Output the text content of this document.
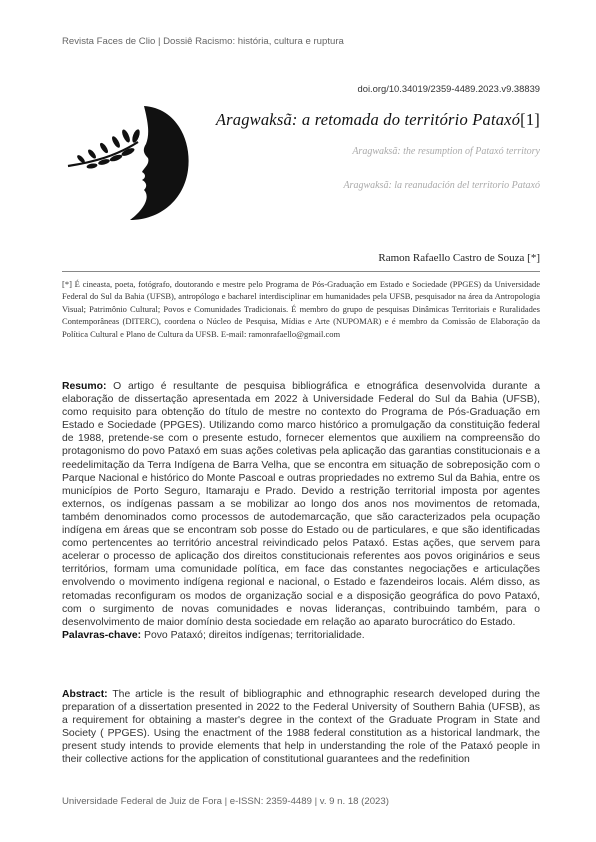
Revista Faces de Clio | Dossiê Racismo: história, cultura e ruptura
doi.org/10.34019/2359-4489.2023.v9.38839
Aragwaksã: a retomada do território Pataxó[1]
Aragwaksã: the resumption of Pataxó territory
Aragwaksã: la reanudación del territorio Pataxó
Ramon Rafaello Castro de Souza [*]
[*] É cineasta, poeta, fotógrafo, doutorando e mestre pelo Programa de Pós-Graduação em Estado e Sociedade (PPGES) da Universidade Federal do Sul da Bahia (UFSB), antropólogo e bacharel interdisciplinar em humanidades pela UFSB, pesquisador na área da Antropologia Visual; Patrimônio Cultural; Povos e Comunidades Tradicionais. É membro do grupo de pesquisas Dinâmicas Territoriais e Ruralidades Contemporâneas (DITERC), coordena o Núcleo de Pesquisa, Mídias e Arte (NUPOMAR) e é membro da Comissão de Elaboração da Política Cultural e Plano de Cultura da UFSB. E-mail: ramonrafaello@gmail.com

Resumo: O artigo é resultante de pesquisa bibliográfica e etnográfica desenvolvida durante a elaboração de dissertação apresentada em 2022 à Universidade Federal do Sul da Bahia (UFSB), como requisito para obtenção do título de mestre no contexto do Programa de Pós-Graduação em Estado e Sociedade (PPGES). Utilizando como marco histórico a promulgação da constituição federal de 1988, pretende-se com o presente estudo, fornecer elementos que auxiliem na compreensão do protagonismo do povo Pataxó em suas ações coletivas pela aplicação das garantias constitucionais e a reedelimitação da Terra Indígena de Barra Velha, que se encontra em situação de sobreposição com o Parque Nacional e histórico do Monte Pascoal e outras propriedades no extremo Sul da Bahia, entre os municípios de Porto Seguro, Itamaraju e Prado. Devido a restrição territorial imposta por agentes externos, os indígenas passam a se mobilizar ao longo dos anos nos movimentos de retomada, também denominados como processos de autodemarcação, que são caracterizados pela ocupação indígena em áreas que se encontram sob posse do Estado ou de particulares, e que são identificadas como pertencentes ao território ancestral reivindicado pelos Pataxó. Estas ações, que servem para acelerar o processo de aplicação dos direitos constitucionais referentes aos povos originários e seus territórios, formam uma comunidade política, em face das constantes negociações e articulações envolvendo o movimento indígena regional e nacional, o Estado e fazendeiros locais. Além disso, as retomadas reconfiguram os modos de organização social e a disposição geográfica do povo Pataxó, com o surgimento de novas comunidades e novas lideranças, contribuindo também, para o desenvolvimento de maior domínio desta sociedade em relação ao aparato burocrático do Estado.

Palavras-chave: Povo Pataxó; direitos indígenas; territorialidade.

Abstract: The article is the result of bibliographic and ethnographic research developed during the preparation of a dissertation presented in 2022 to the Federal University of Southern Bahia (UFSB), as a requirement for obtaining a master's degree in the context of the Graduate Program in State and Society ( PPGES). Using the enactment of the 1988 federal constitution as a historical landmark, the present study intends to provide elements that help in understanding the role of the Pataxó people in their collective actions for the application of constitutional guarantees and the redefinition

Universidade Federal de Juiz de Fora | e-ISSN: 2359-4489 | v. 9 n. 18 (2023)
